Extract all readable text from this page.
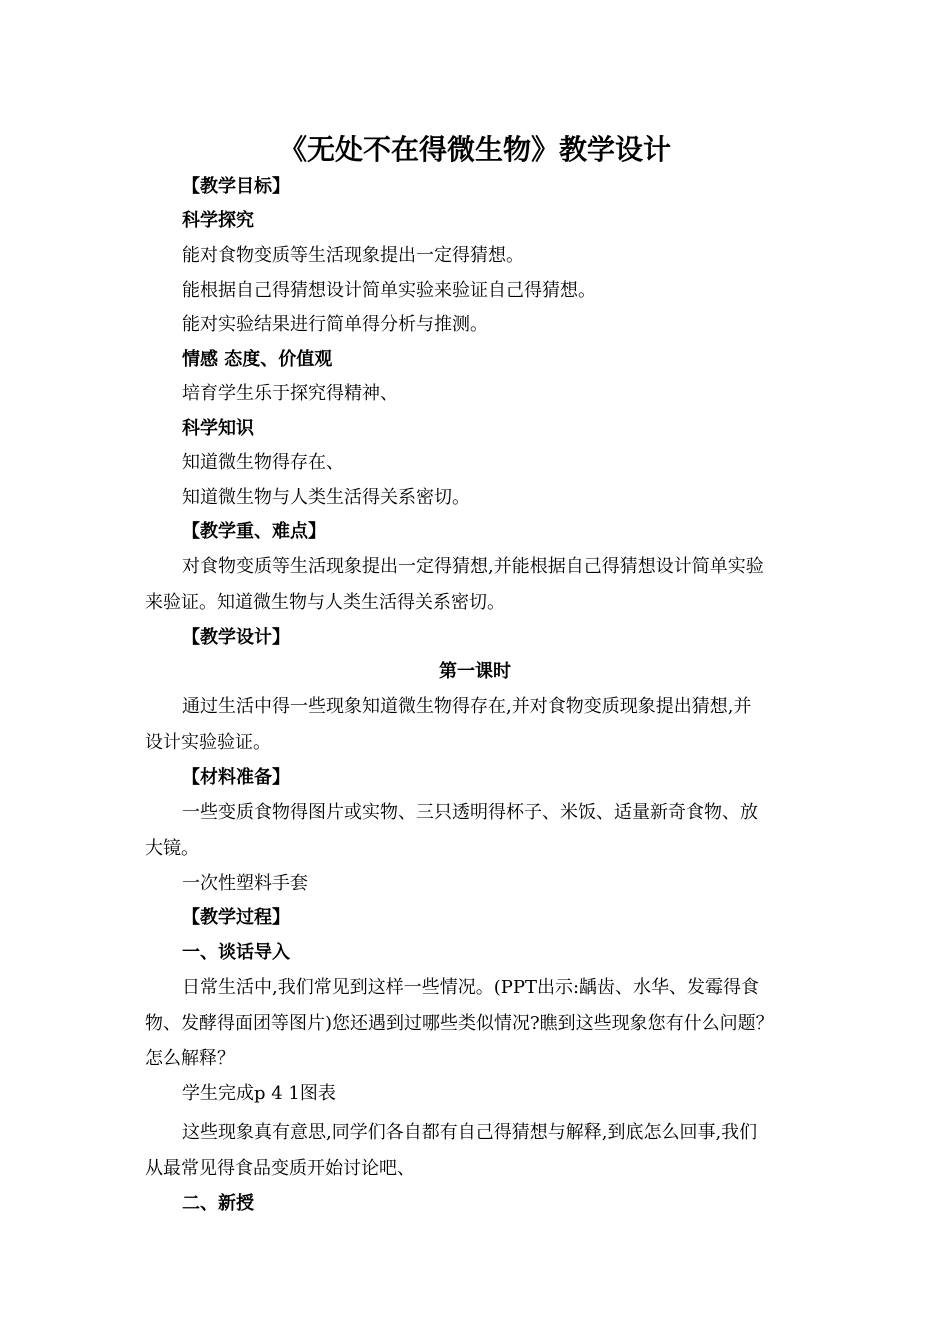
《无处不在得微生物》教学设计
【教学目标】
科学探究
能对食物变质等生活现象提出一定得猜想。
能根据自己得猜想设计简单实验来验证自己得猜想。
能对实验结果进行简单得分析与推测。
情感 态度、价值观
培育学生乐于探究得精神、
科学知识
知道微生物得存在、
知道微生物与人类生活得关系密切。
【教学重、难点】
对食物变质等生活现象提出一定得猜想,并能根据自己得猜想设计简单实验
来验证。知道微生物与人类生活得关系密切。
【教学设计】
第一课时
通过生活中得一些现象知道微生物得存在,并对食物变质现象提出猜想,并
设计实验验证。
【材料准备】
一些变质食物得图片或实物、三只透明得杯子、米饭、适量新奇食物、放
大镜。
一次性塑料手套
【教学过程】
一、谈话导入
日常生活中,我们常见到这样一些情况。(PPT出示:龋齿、水华、发霉得食
物、发酵得面团等图片)您还遇到过哪些类似情况?瞧到这些现象您有什么问题？
怎么解释？
学生完成p 4 1图表
这些现象真有意思,同学们各自都有自己得猜想与解释,到底怎么回事,我们
从最常见得食品变质开始讨论吧、
二、新授
